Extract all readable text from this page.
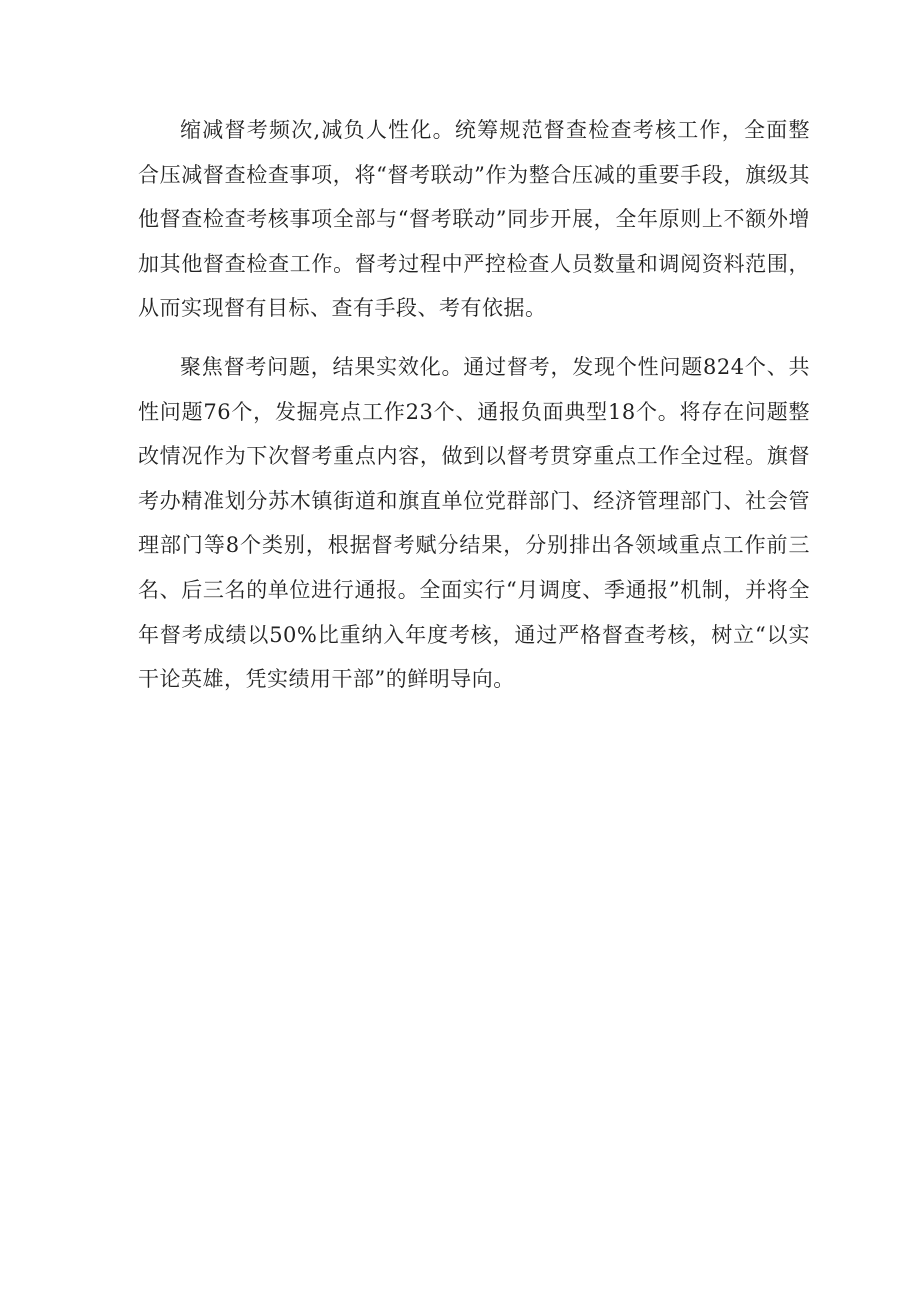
缩减督考频次,减负人性化。统筹规范督查检查考核工作，全面整合压减督查检查事项，将“督考联动”作为整合压减的重要手段，旗级其他督查检查考核事项全部与“督考联动”同步开展，全年原则上不额外增加其他督查检查工作。督考过程中严控检查人员数量和调阅资料范围，从而实现督有目标、查有手段、考有依据。

聚焦督考问题，结果实效化。通过督考，发现个性问题824个、共性问题76个，发掘亮点工作23个、通报负面典型18个。将存在问题整改情况作为下次督考重点内容，做到以督考贯穿重点工作全过程。旗督考办精准划分苏木镇街道和旗直单位党群部门、经济管理部门、社会管理部门等8个类别，根据督考赋分结果，分别排出各领域重点工作前三名、后三名的单位进行通报。全面实行“月调度、季通报”机制，并将全年督考成绩以50%比重纳入年度考核，通过严格督查考核，树立“以实干论英雄，凭实绩用干部”的鲜明导向。
